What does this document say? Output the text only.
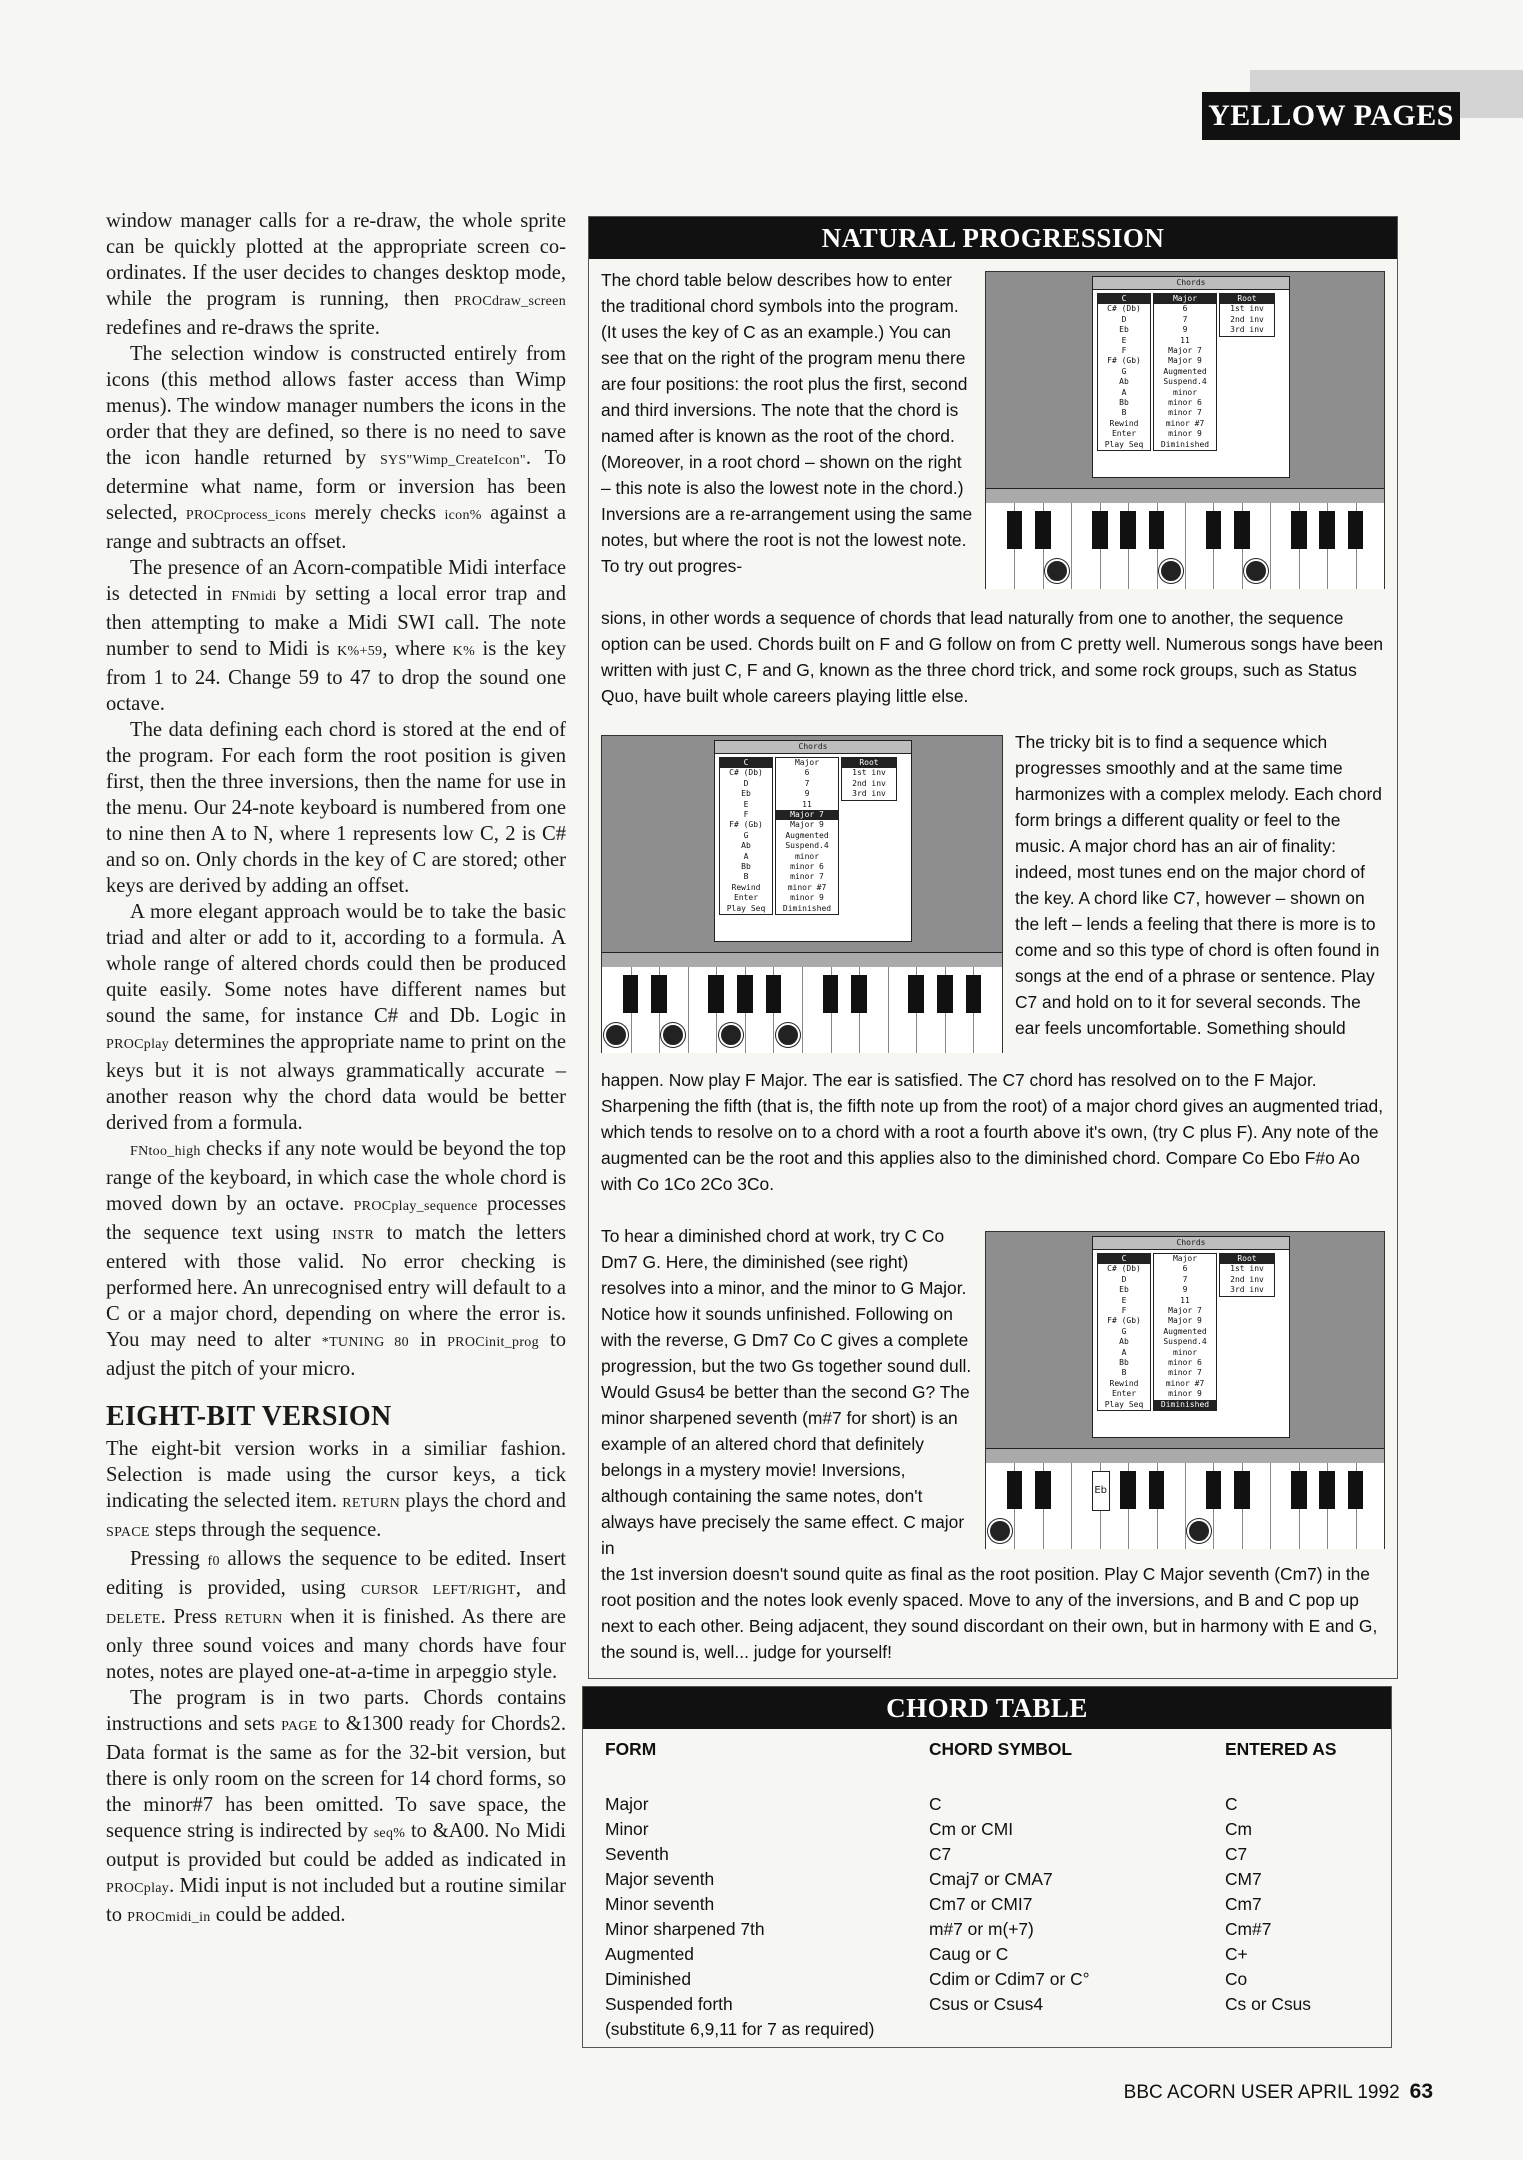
YELLOW PAGES

window manager calls for a re-draw, the whole sprite can be quickly plotted at the appropriate screen co-ordinates. If the user decides to changes desktop mode, while the program is running, then PROCdraw_screen redefines and re-draws the sprite.

The selection window is constructed entirely from icons (this method allows faster access than Wimp menus). The window manager numbers the icons in the order that they are defined, so there is no need to save the icon handle returned by SYS"Wimp_CreateIcon". To determine what name, form or inversion has been selected, PROCprocess_icons merely checks icon% against a range and subtracts an offset.

The presence of an Acorn-compatible Midi interface is detected in FNmidi by setting a local error trap and then attempting to make a Midi SWI call. The note number to send to Midi is K%+59, where K% is the key from 1 to 24. Change 59 to 47 to drop the sound one octave.

The data defining each chord is stored at the end of the program. For each form the root position is given first, then the three inversions, then the name for use in the menu. Our 24-note keyboard is numbered from one to nine then A to N, where 1 represents low C, 2 is C# and so on. Only chords in the key of C are stored; other keys are derived by adding an offset.

A more elegant approach would be to take the basic triad and alter or add to it, according to a formula. A whole range of altered chords could then be produced quite easily. Some notes have different names but sound the same, for instance C# and Db. Logic in PROCplay determines the appropriate name to print on the keys but it is not always grammatically accurate – another reason why the chord data would be better derived from a formula.

FNtoo_high checks if any note would be beyond the top range of the keyboard, in which case the whole chord is moved down by an octave. PROCplay_sequence processes the sequence text using INSTR to match the letters entered with those valid. No error checking is performed here. An unrecognised entry will default to a C or a major chord, depending on where the error is. You may need to alter *TUNING 80 in PROCinit_prog to adjust the pitch of your micro.

EIGHT-BIT VERSION

The eight-bit version works in a similiar fashion. Selection is made using the cursor keys, a tick indicating the selected item. RETURN plays the chord and SPACE steps through the sequence.

Pressing f0 allows the sequence to be edited. Insert editing is provided, using CURSOR LEFT/RIGHT, and DELETE. Press RETURN when it is finished. As there are only three sound voices and many chords have four notes, notes are played one-at-a-time in arpeggio style.

The program is in two parts. Chords contains instructions and sets PAGE to &1300 ready for Chords2. Data format is the same as for the 32-bit version, but there is only room on the screen for 14 chord forms, so the minor#7 has been omitted. To save space, the sequence string is indirected by seq% to &A00. No Midi output is provided but could be added as indicated in PROCplay. Midi input is not included but a routine similar to PROCmidi_in could be added.

NATURAL PROGRESSION
The chord table below describes how to enter the traditional chord symbols into the program. (It uses the key of C as an example.) You can see that on the right of the program menu there are four positions: the root plus the first, second and third inversions. The note that the chord is named after is known as the root of the chord. (Moreover, in a root chord – shown on the right – this note is also the lowest note in the chord.) Inversions are a re-arrangement using the same notes, but where the root is not the lowest note. To try out progres-
sions, in other words a sequence of chords that lead naturally from one to another, the sequence option can be used. Chords built on F and G follow on from C pretty well. Numerous songs have been written with just C, F and G, known as the three chord trick, and some rock groups, such as Status Quo, have built whole careers playing little else.
The tricky bit is to find a sequence which progresses smoothly and at the same time harmonizes with a complex melody. Each chord form brings a different quality or feel to the music. A major chord has an air of finality: indeed, most tunes end on the major chord of the key. A chord like C7, however – shown on the left – lends a feeling that there is more is to come and so this type of chord is often found in songs at the end of a phrase or sentence. Play C7 and hold on to it for several seconds. The ear feels uncomfortable. Something should
happen. Now play F Major. The ear is satisfied. The C7 chord has resolved on to the F Major. Sharpening the fifth (that is, the fifth note up from the root) of a major chord gives an augmented triad, which tends to resolve on to a chord with a root a fourth above it's own, (try C plus F). Any note of the augmented can be the root and this applies also to the diminished chord. Compare Co Ebo F#o Ao with Co 1Co 2Co 3Co.
To hear a diminished chord at work, try C Co Dm7 G. Here, the diminished (see right) resolves into a minor, and the minor to G Major. Notice how it sounds unfinished. Following on with the reverse, G Dm7 Co C gives a complete progression, but the two Gs together sound dull. Would Gsus4 be better than the second G? The minor sharpened seventh (m#7 for short) is an example of an altered chord that definitely belongs in a mystery movie! Inversions, although containing the same notes, don't always have precisely the same effect. C major in
the 1st inversion doesn't sound quite as final as the root position. Play C Major seventh (Cm7) in the root position and the notes look evenly spaced. Move to any of the inversions, and B and C pop up next to each other. Being adjacent, they sound discordant on their own, but in harmony with E and G, the sound is, well... judge for yourself!
Chords
C
C# (Db)
D
Eb
E
F
F# (Gb)
G
Ab
A
Bb
B
Rewind
Enter
Play Seq
Major
6
7
9
11
Major 7
Major 9
Augmented
Suspend.4
minor
minor 6
minor 7
minor #7
minor 9
Diminished
Root
1st inv
2nd inv
3rd inv
Chords
C
C# (Db)
D
Eb
E
F
F# (Gb)
G
Ab
A
Bb
B
Rewind
Enter
Play Seq
Major
6
7
9
11
Major 7
Major 9
Augmented
Suspend.4
minor
minor 6
minor 7
minor #7
minor 9
Diminished
Root
1st inv
2nd inv
3rd inv
Chords
C
C# (Db)
D
Eb
E
F
F# (Gb)
G
Ab
A
Bb
B
Rewind
Enter
Play Seq
Major
6
7
9
11
Major 7
Major 9
Augmented
Suspend.4
minor
minor 6
minor 7
minor #7
minor 9
Diminished
Root
1st inv
2nd inv
3rd inv
Eb
CHORD TABLE
FORM	CHORD SYMBOL	ENTERED AS

Major	C	C
Minor	Cm or CMI	Cm
Seventh	C7	C7
Major seventh	Cmaj7 or CMA7	CM7
Minor seventh	Cm7 or CMI7	Cm7
Minor sharpened 7th	m#7 or m(+7)	Cm#7
Augmented	Caug or C	C+
Diminished	Cdim or Cdim7 or C°	Co
Suspended forth	Csus or Csus4	Cs or Csus
(substitute 6,9,11 for 7 as required)		
BBC ACORN USER APRIL 1992 63
